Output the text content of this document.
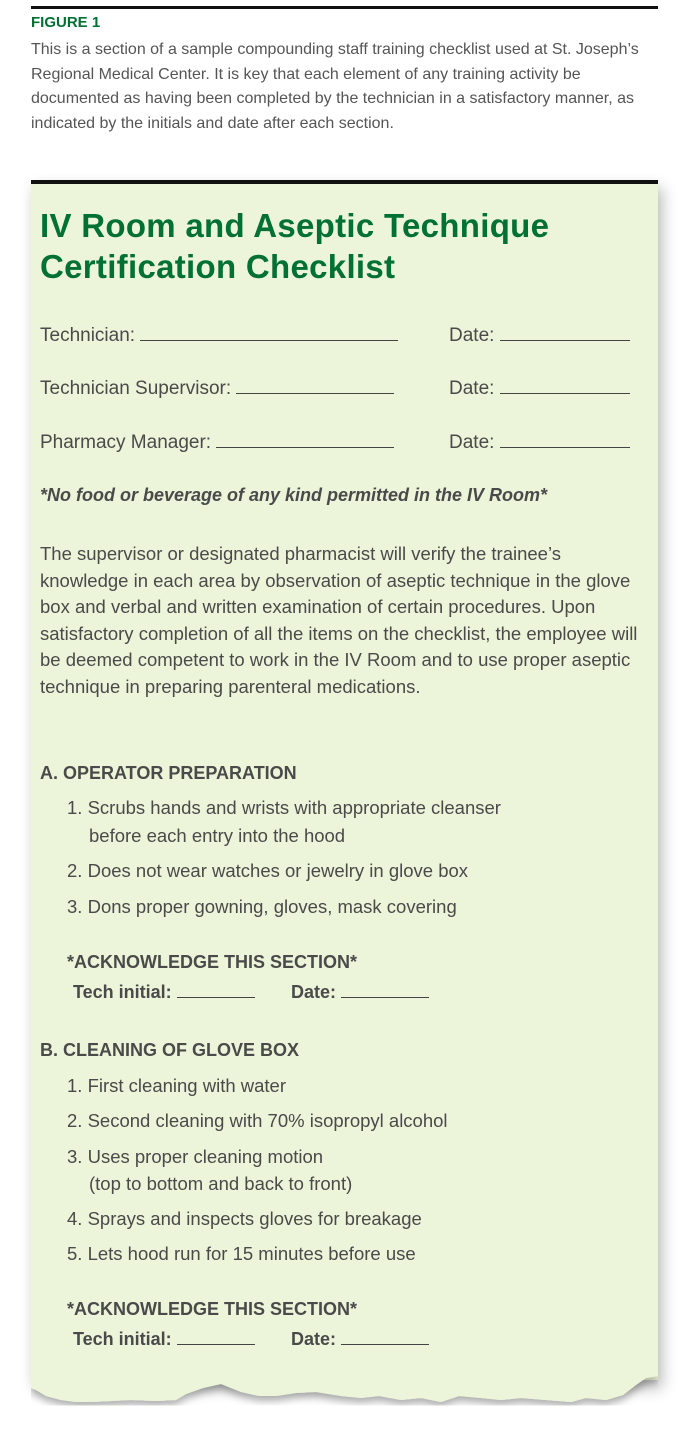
FIGURE 1
This is a section of a sample compounding staff training checklist used at St. Joseph’s Regional Medical Center. It is key that each element of any training activity be documented as having been completed by the technician in a satisfactory manner, as indicated by the initials and date after each section.
IV Room and Aseptic Technique
Certification Checklist
Technician:	Date:
Technician Supervisor:	Date:
Pharmacy Manager:	Date:
*No food or beverage of any kind permitted in the IV Room*
The supervisor or designated pharmacist will verify the trainee’s knowledge in each area by observation of aseptic technique in the glove box and verbal and written examination of certain procedures. Upon satisfactory completion of all the items on the checklist, the employee will be deemed competent to work in the IV Room and to use proper aseptic technique in preparing parenteral medications.
A. OPERATOR PREPARATION
1. Scrubs hands and wrists with appropriate cleanser
before each entry into the hood
2. Does not wear watches or jewelry in glove box
3. Dons proper gowning, gloves, mask covering
*ACKNOWLEDGE THIS SECTION*
Tech initial:	Date:
B. CLEANING OF GLOVE BOX
1. First cleaning with water
2. Second cleaning with 70% isopropyl alcohol
3. Uses proper cleaning motion
(top to bottom and back to front)
4. Sprays and inspects gloves for breakage
5. Lets hood run for 15 minutes before use
*ACKNOWLEDGE THIS SECTION*
Tech initial:	Date:
